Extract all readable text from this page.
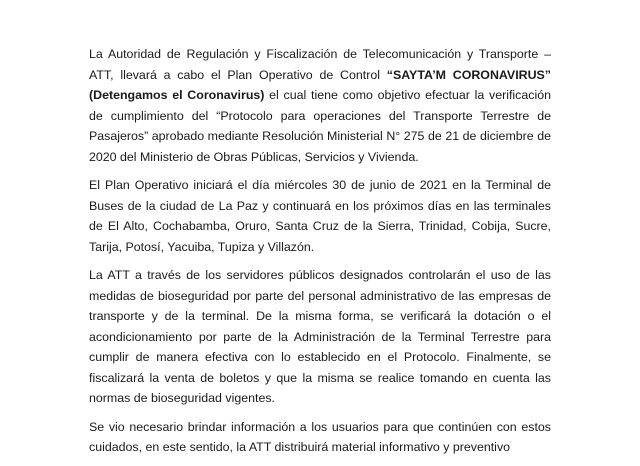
La Autoridad de Regulación y Fiscalización de Telecomunicación y Transporte – ATT, llevará a cabo el Plan Operativo de Control “SAYTA’M CORONAVIRUS” (Detengamos el Coronavirus) el cual tiene como objetivo efectuar la verificación de cumplimiento del “Protocolo para operaciones del Transporte Terrestre de Pasajeros” aprobado mediante Resolución Ministerial N° 275 de 21 de diciembre de 2020 del Ministerio de Obras Públicas, Servicios y Vivienda.

El Plan Operativo iniciará el día miércoles 30 de junio de 2021 en la Terminal de Buses de la ciudad de La Paz y continuará en los próximos días en las terminales de El Alto, Cochabamba, Oruro, Santa Cruz de la Sierra, Trinidad, Cobija, Sucre, Tarija, Potosí, Yacuiba, Tupiza y Villazón.

La ATT a través de los servidores públicos designados controlarán el uso de las medidas de bioseguridad por parte del personal administrativo de las empresas de transporte y de la terminal. De la misma forma, se verificará la dotación o el acondicionamiento por parte de la Administración de la Terminal Terrestre para cumplir de manera efectiva con lo establecido en el Protocolo. Finalmente, se fiscalizará la venta de boletos y que la misma se realice tomando en cuenta las normas de bioseguridad vigentes.

Se vio necesario brindar información a los usuarios para que continúen con estos cuidados, en este sentido, la ATT distribuirá material informativo y preventivo
